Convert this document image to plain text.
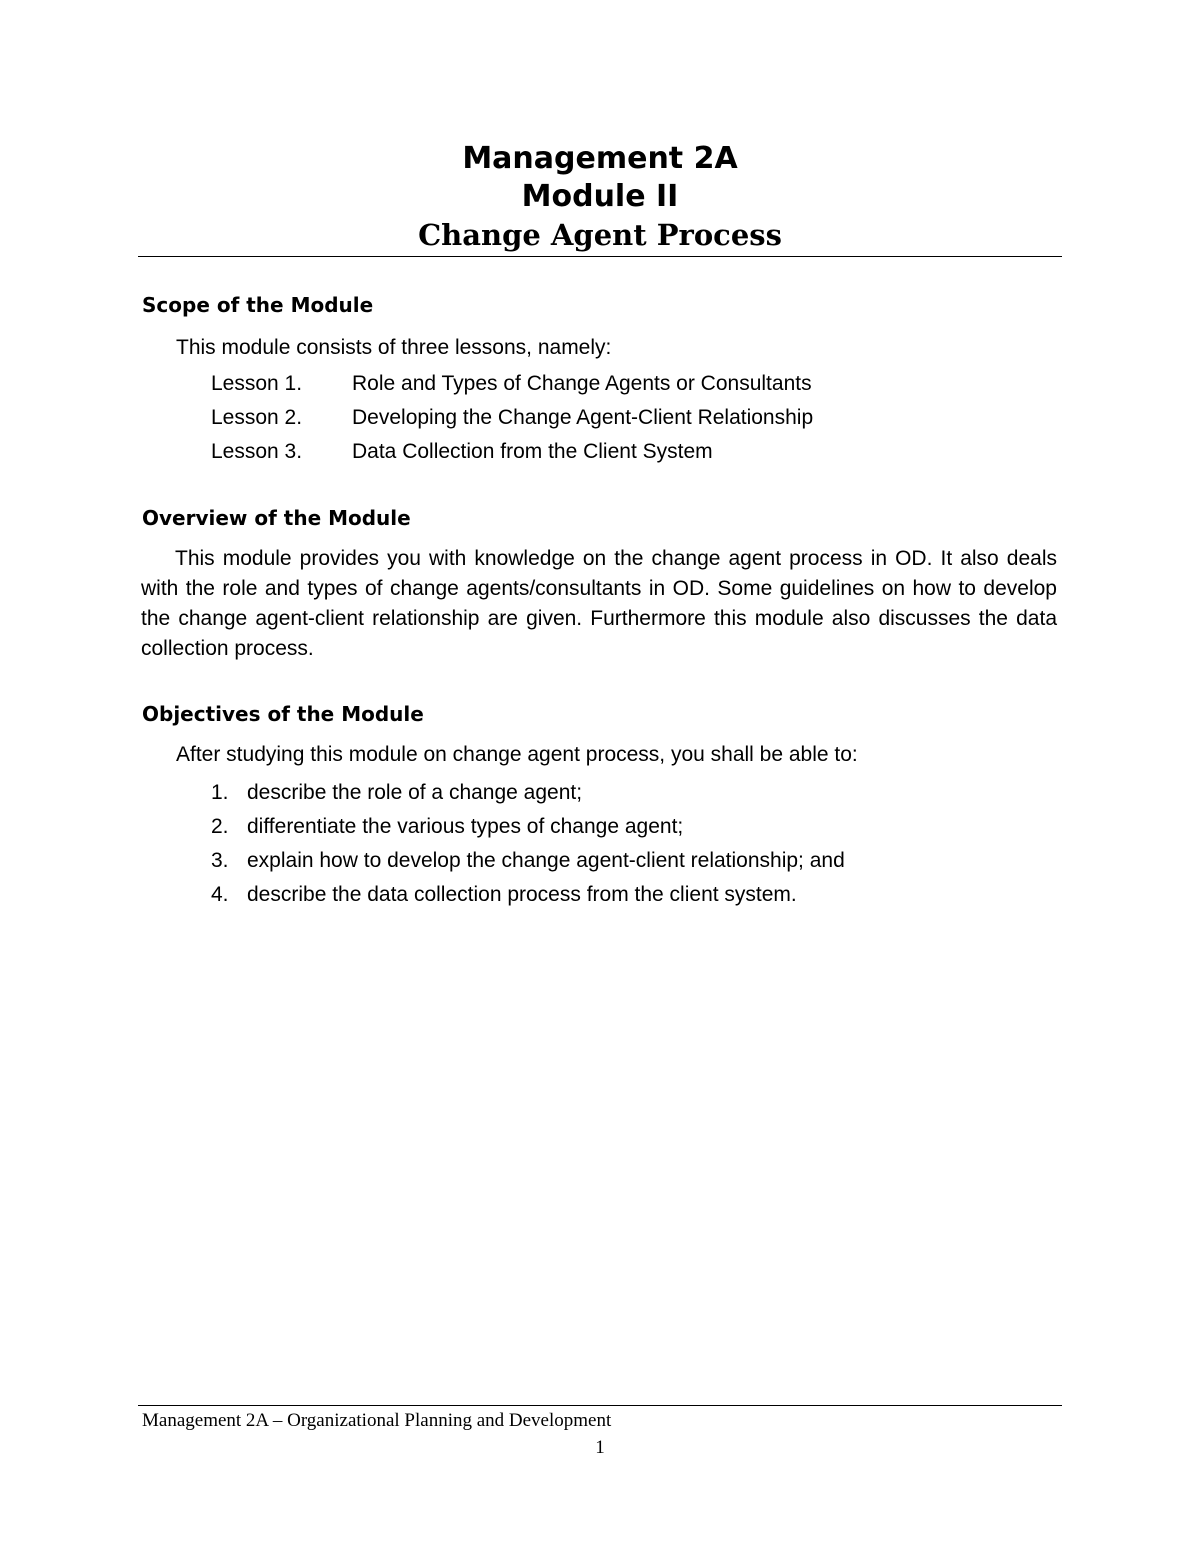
Management 2A
Module II
Change Agent Process
Scope of the Module
This module consists of three lessons, namely:
Lesson 1. Role and Types of Change Agents or Consultants
Lesson 2. Developing the Change Agent-Client Relationship
Lesson 3. Data Collection from the Client System
Overview of the Module

This module provides you with knowledge on the change agent process in OD. It also deals with the role and types of change agents/consultants in OD. Some guidelines on how to develop the change agent-client relationship are given. Furthermore this module also discusses the data collection process.

Objectives of the Module
After studying this module on change agent process, you shall be able to:
1. describe the role of a change agent;
2. differentiate the various types of change agent;
3. explain how to develop the change agent-client relationship; and
4. describe the data collection process from the client system.
Management 2A – Organizational Planning and Development
1
